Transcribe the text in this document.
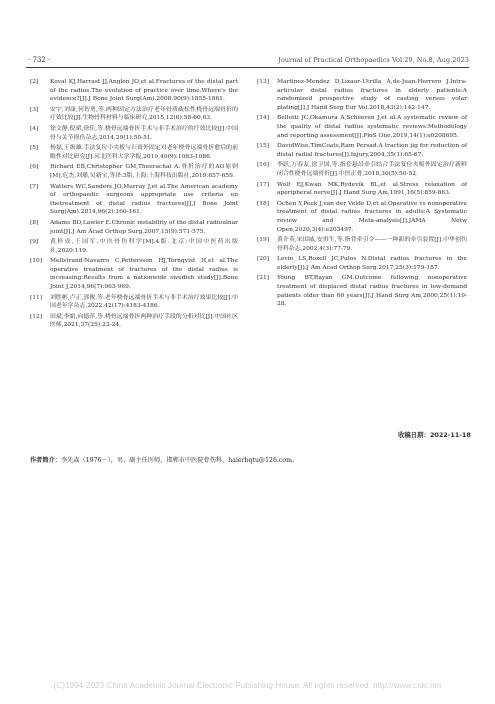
· 732 ·	Journal of Practical Orthopaedics Vol.29, No.8, Aug.2023
[2]	Koval KJ,Harrast JJ,Anglen JO,et al.Fractures of the distal part of the radius.The evolution of practice over time.Where's the evidence?[J].J Bone Joint Surg(Am).2008.90(9):1855-1861.
[3]	安宇,刘康,何智勇,等.两种固定方法治疗老年骨质疏松性桡骨远端骨折的疗效比较[J].生物骨科材料与临床研究,2015,12(6):58-60,63.
[4]	徐文静,倪斌,徐佳,等.桡骨远端骨折手术与非手术治疗的疗效比较[J].中国骨与关节损伤杂志,2014,29(1):50-51.
[5]	杨磊,王振雄.手法复位小夹板与石膏外固定对老年桡骨远端骨折愈后的前瞻性对比研究[J].河北医科大学学报,2019,40(9):1083-1086.
[6]	Richard EB,Christopher GM,Theerachai A.骨折治疗的AO原则[M].危杰,刘璠,吴新宝,等译.3版.上海:上海科技出版社,2019:657-659.
[7]	Watters WC,Sanders JO,Murray J,et al.The American academy of orthopaedic surgeons appropriate use criteria on thetreatment of distal radius fractures[J].J Bone Joint Surg(Am).2014,96(2):160-161.
[8]	Adams BD,Lawler E.Chronic instability of the distal radioulnar joint[J].J Am Acad Orthop Surg,2007,15(9):571-575.
[9]	黄桂成,王国军.中医骨伤科学[M].4版.北京:中国中医药出版社,2020:119.
[10]	Mellstrand-Navarro C,Pettersson HJ,Tornqvist H,et al.The operative treatment of fractures of the distal radius is increasing:Results from a nationwide swedish study[J].Bone Joint J,2014,96(7):963-969.
[11]	刘胜彬,卢正,郭俊,等.老年桡骨远端骨折手术与非手术治疗效果比较[J].中国老年学杂志,2022,42(17):4183-4186.
[12]	田斌,李娟,向德萍,等.桡骨远端骨折两种治疗手段的分析对比[J].中国社区医师,2021,37(25):23-24.
[13]	Martinez-Mendez D,Lizaur-Utrilla A,de-Juan-Herrero J.Intra-articular distal radius fractures in elderly patients:A randomized prospective study of casting versus volar plating[J].J Hand Surg Eur Vol.2018,43(2):142-147.
[14]	Bellotti JC,Okamura A,Scheeren J,et al.A systematic review of the quality of distal radius systematic reviews:Methodology and reporting assessment[J].PloS One,2019,14(1):e0208695.
[15]	DavidWise,TimCoats,Ram Persad.A traction jig for reduction of distal radial fractures[J].Injury,2004,35(1):65-67.
[16]	李跃,万春友,徐卫国,等.指套悬吊牵引结合手法复位夹板外固定治疗新鲜闭合性桡骨远端骨折[J].中医正骨,2018,30(5):50-52.
[17]	Wolf EJ,Kwan MK,Rydevik BL,et al.Stress relaxation of aperipheral nerve[J].J Hand Surg Am,1991,16(5):859-863.
[18]	Ochen Y,Peek J,van der Velde D,et al.Operative vs nonoperative treatment of distal radius fractures in adults:A Systematic review and Meta-analysis[J].JAMA Netw Open,2020,3(4):e203497.
[19]	黄介英,宋国威,安贵生,等.指背牵引令——一种新的牵引装置[J].中华创伤骨科杂志,2002,4(3):77-79.
[20]	Levin LS,Rozell JC,Pulos N.Distal radius fractures in the elderly[J].J Am Acad Orthop Surg.2017,25(3):179-187.
[21]	Young BT,Rayan GM.Outcome following nonoperative treatment of displaced distal radius fractures in low-demand patients older than 60 years[J].J Hand Surg Am,2000,25(1):19-28.
收稿日期：2022-11-18
作者简介：李先森（1976－），男，副主任医师，邯郸市中医院骨伤科，haierbqtu@126.com。
(C)1994-2023 China Academic Journal Electronic Publishing House. All rights reserved. http://www.cnki.net
